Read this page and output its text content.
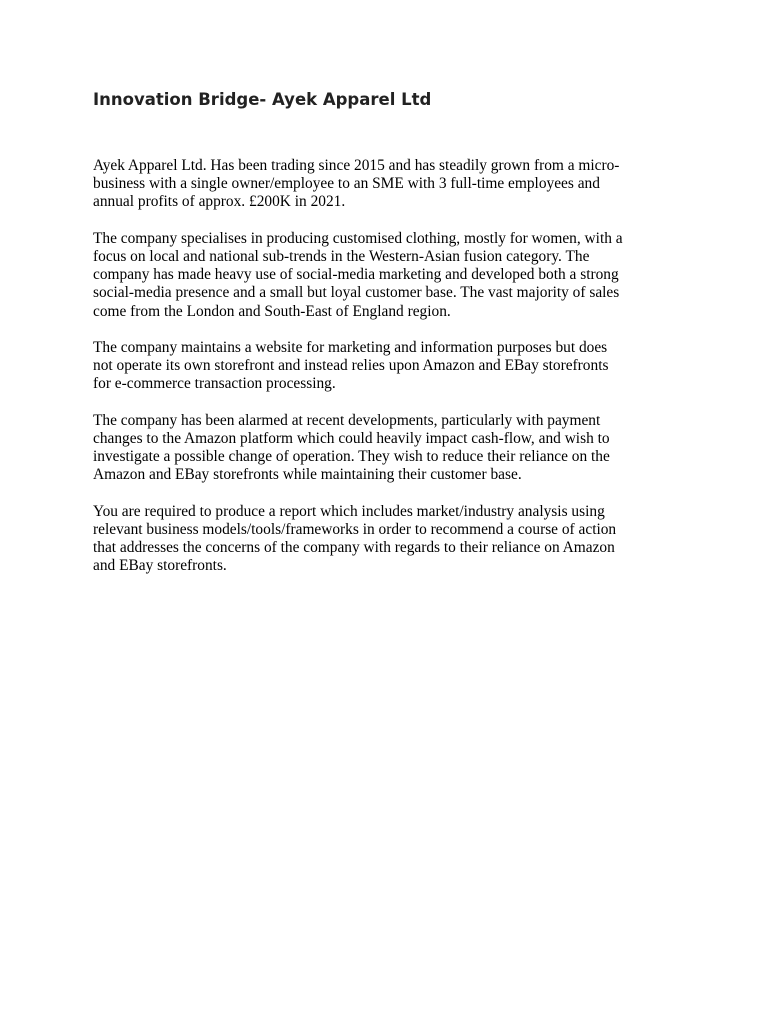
Innovation Bridge- Ayek Apparel Ltd

Ayek Apparel Ltd. Has been trading since 2015 and has steadily grown from a micro-
business with a single owner/employee to an SME with 3 full-time employees and
annual profits of approx. £200K in 2021.

The company specialises in producing customised clothing, mostly for women, with a
focus on local and national sub-trends in the Western-Asian fusion category. The
company has made heavy use of social-media marketing and developed both a strong
social-media presence and a small but loyal customer base. The vast majority of sales
come from the London and South-East of England region.

The company maintains a website for marketing and information purposes but does
not operate its own storefront and instead relies upon Amazon and EBay storefronts
for e-commerce transaction processing.

The company has been alarmed at recent developments, particularly with payment
changes to the Amazon platform which could heavily impact cash-flow, and wish to
investigate a possible change of operation. They wish to reduce their reliance on the
Amazon and EBay storefronts while maintaining their customer base.

You are required to produce a report which includes market/industry analysis using
relevant business models/tools/frameworks in order to recommend a course of action
that addresses the concerns of the company with regards to their reliance on Amazon
and EBay storefronts.
